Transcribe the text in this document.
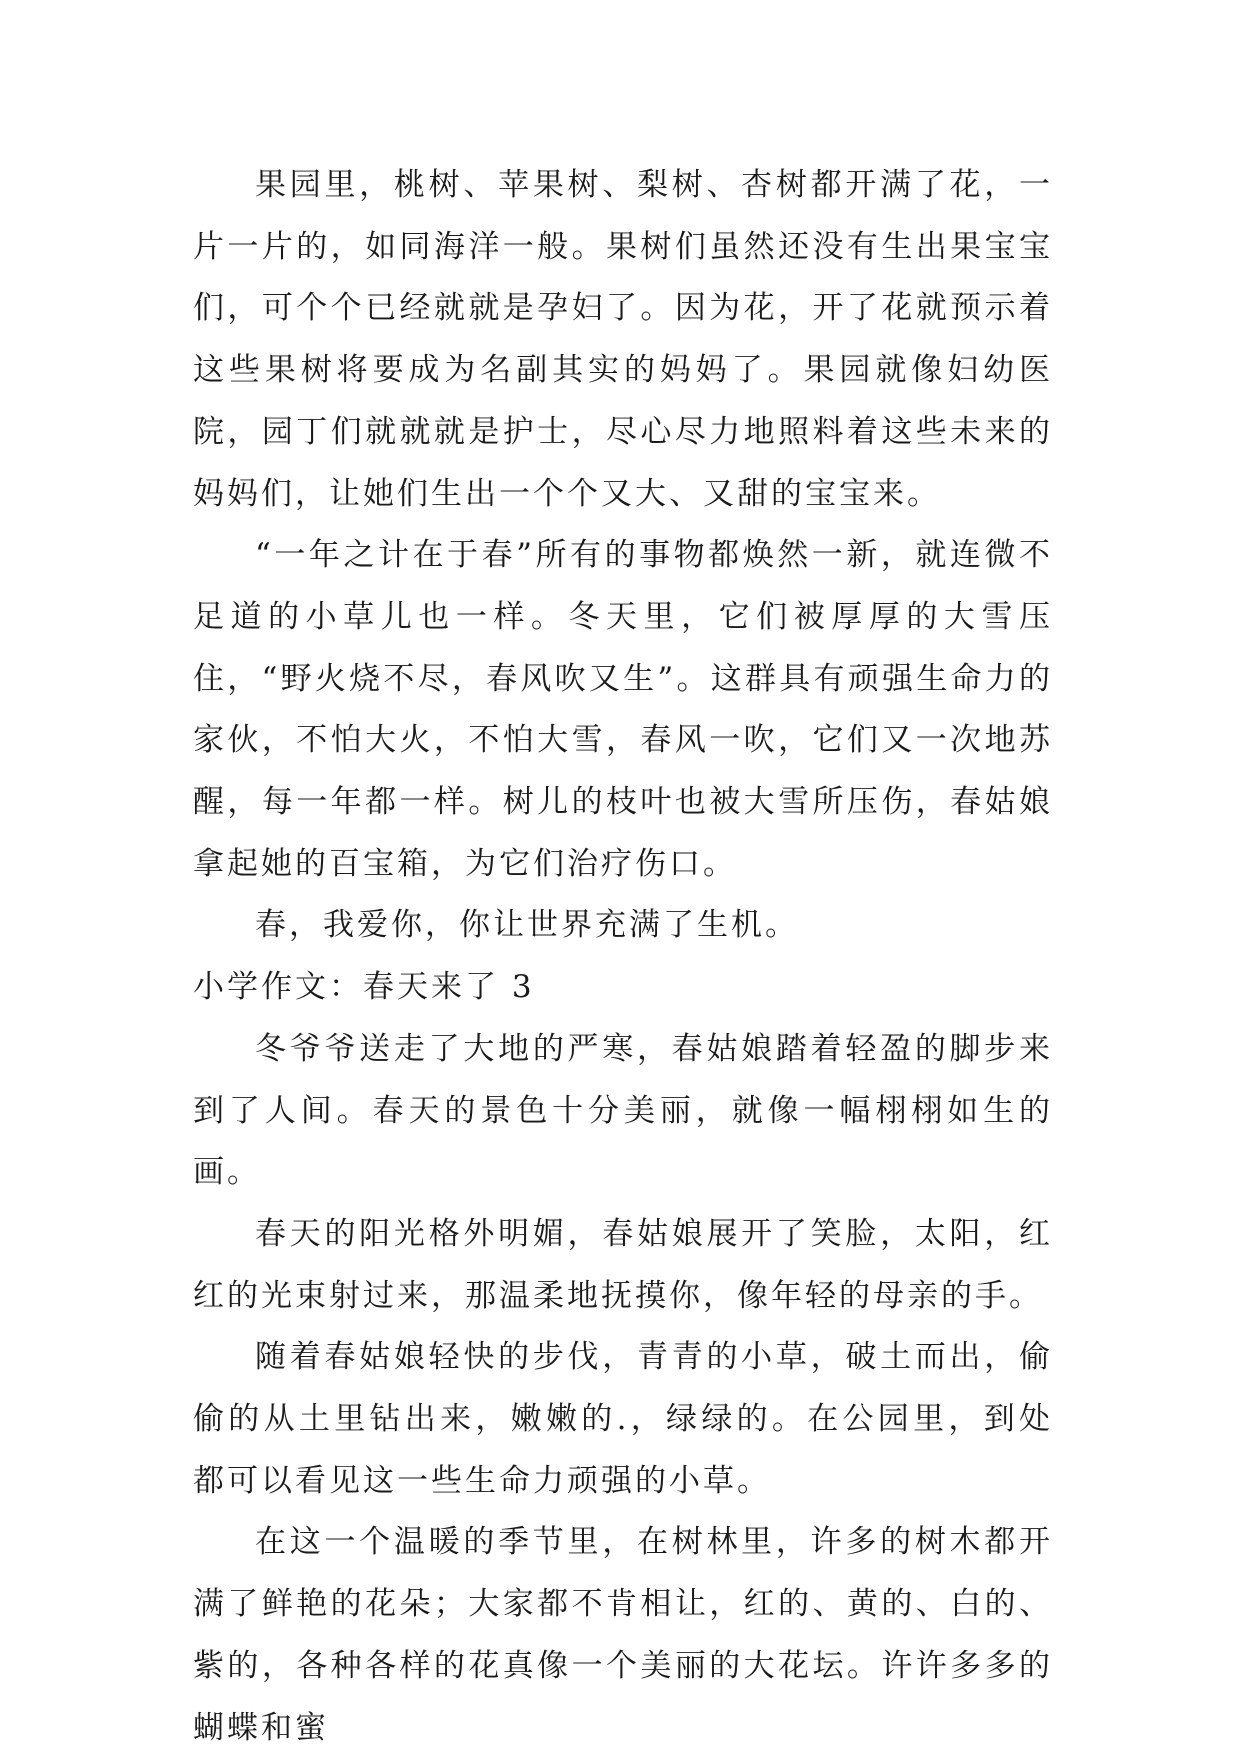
果园里，桃树、苹果树、梨树、杏树都开满了花，一片一片的，如同海洋一般。果树们虽然还没有生出果宝宝们，可个个已经就就是孕妇了。因为花，开了花就预示着这些果树将要成为名副其实的妈妈了。果园就像妇幼医院，园丁们就就就是护士，尽心尽力地照料着这些未来的妈妈们，让她们生出一个个又大、又甜的宝宝来。

“一年之计在于春”所有的事物都焕然一新，就连微不足道的小草儿也一样。冬天里，它们被厚厚的大雪压住，“野火烧不尽，春风吹又生”。这群具有顽强生命力的家伙，不怕大火，不怕大雪，春风一吹，它们又一次地苏醒，每一年都一样。树儿的枝叶也被大雪所压伤，春姑娘拿起她的百宝箱，为它们治疗伤口。

春，我爱你，你让世界充满了生机。

小学作文：春天来了 3

冬爷爷送走了大地的严寒，春姑娘踏着轻盈的脚步来到了人间。春天的景色十分美丽，就像一幅栩栩如生的画。

春天的阳光格外明媚，春姑娘展开了笑脸，太阳，红红的光束射过来，那温柔地抚摸你，像年轻的母亲的手。

随着春姑娘轻快的步伐，青青的小草，破土而出，偷偷的从土里钻出来，嫩嫩的.，绿绿的。在公园里，到处都可以看见这一些生命力顽强的小草。

在这一个温暖的季节里，在树林里，许多的树木都开满了鲜艳的花朵；大家都不肯相让，红的、黄的、白的、紫的，各种各样的花真像一个美丽的大花坛。许许多多的蝴蝶和蜜
